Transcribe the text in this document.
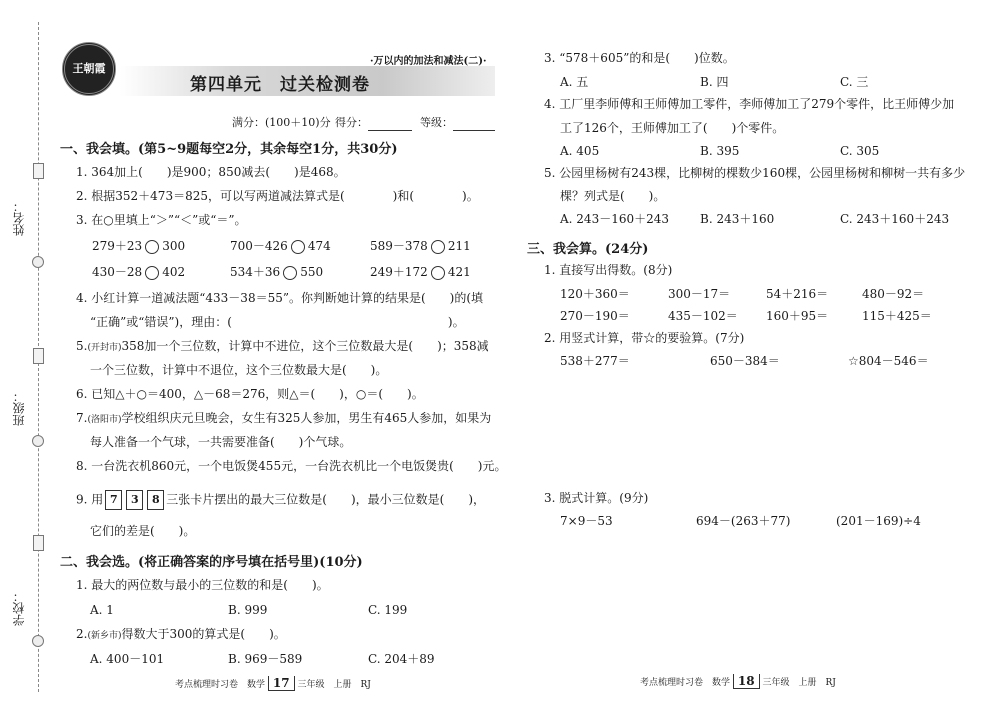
姓名：
班级：
学校：
王朝霞
·万以内的加法和减法(二)·
第四单元　过关检测卷
满分：(100＋10)分 得分：	等级：
一、我会填。(第5~9题每空2分，其余每空1分，共30分)
1. 364加上(　　)是900；850减去(　　)是468。
2. 根据352＋473＝825，可以写两道减法算式是(　　　　)和(　　　　)。
3. 在○里填上“＞”“＜”或“＝”。
279＋23 300	700－426 474	589－378 211
430－28 402	534＋36 550	249＋172 421
4. 小红计算一道减法题“433－38＝55”。你判断她计算的结果是(　　)的(填
“正确”或“错误”)，理由：(　　　　　　　　　　　　　　　　　　)。
5.(开封市)358加一个三位数，计算中不进位，这个三位数最大是(　　)；358减
一个三位数，计算中不退位，这个三位数最大是(　　)。
6. 已知△＋○＝400，△－68＝276，则△＝(　　)，○＝(　　)。
7.(洛阳市)学校组织庆元旦晚会，女生有325人参加，男生有465人参加，如果为
每人准备一个气球，一共需要准备(　　)个气球。
8. 一台洗衣机860元，一个电饭煲455元，一台洗衣机比一个电饭煲贵(　　)元。
9. 用 7 3 8 三张卡片摆出的最大三位数是(　　)，最小三位数是(　　)，
它们的差是(　　)。
二、我会选。(将正确答案的序号填在括号里)(10分)
1. 最大的两位数与最小的三位数的和是(　　)。
A. 1	B. 999	C. 199
2.(新乡市)得数大于300的算式是(　　)。
A. 400－101	B. 969－589	C. 204＋89
考点梳理时习卷　数学 17 三年级　上册　RJ
3. “578＋605”的和是(　　)位数。
A. 五	B. 四	C. 三
4. 工厂里李师傅和王师傅加工零件，李师傅加工了279个零件，比王师傅少加
工了126个，王师傅加工了(　　)个零件。
A. 405	B. 395	C. 305
5. 公园里杨树有243棵，比柳树的棵数少160棵，公园里杨树和柳树一共有多少
棵？列式是(　　)。
A. 243－160＋243	B. 243＋160	C. 243＋160＋243
三、我会算。(24分)
1. 直接写出得数。(8分)
120＋360＝	300－17＝	54＋216＝	480－92＝
270－190＝	435－102＝ 160＋95＝	115＋425＝
2. 用竖式计算，带☆的要验算。(7分)
538＋277＝	650－384＝	☆804－546＝
3. 脱式计算。(9分)
7×9－53	694－(263＋77)	(201－169)÷4
考点梳理时习卷　数学 18 三年级　上册　RJ
